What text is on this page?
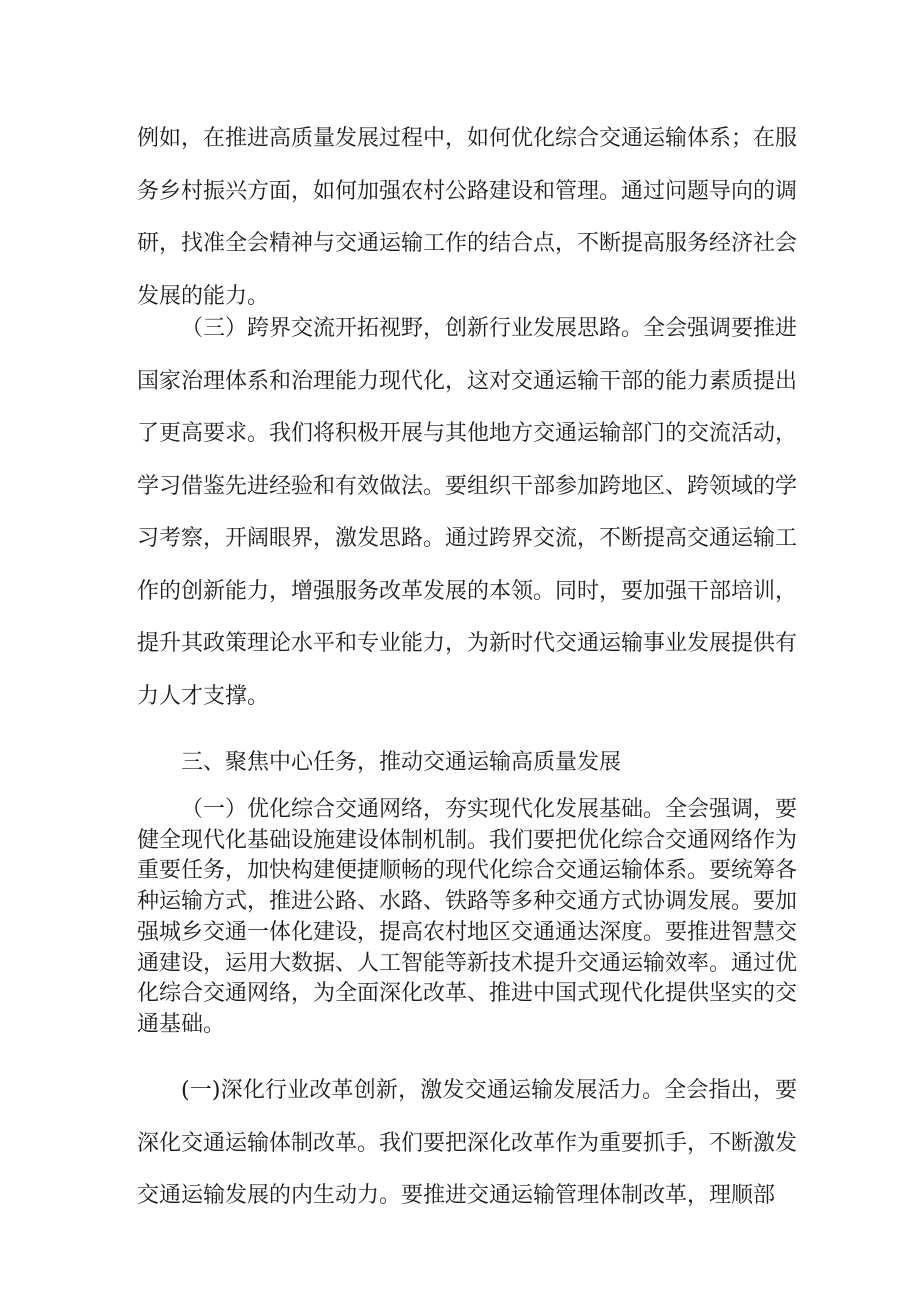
例如，在推进高质量发展过程中，如何优化综合交通运输体系；在服务乡村振兴方面，如何加强农村公路建设和管理。通过问题导向的调研，找准全会精神与交通运输工作的结合点，不断提高服务经济社会发展的能力。

（三）跨界交流开拓视野，创新行业发展思路。全会强调要推进国家治理体系和治理能力现代化，这对交通运输干部的能力素质提出了更高要求。我们将积极开展与其他地方交通运输部门的交流活动，学习借鉴先进经验和有效做法。要组织干部参加跨地区、跨领域的学习考察，开阔眼界，激发思路。通过跨界交流，不断提高交通运输工作的创新能力，增强服务改革发展的本领。同时，要加强干部培训，提升其政策理论水平和专业能力，为新时代交通运输事业发展提供有力人才支撑。

三、聚焦中心任务，推动交通运输高质量发展

（一）优化综合交通网络，夯实现代化发展基础。全会强调，要健全现代化基础设施建设体制机制。我们要把优化综合交通网络作为重要任务，加快构建便捷顺畅的现代化综合交通运输体系。要统筹各种运输方式，推进公路、水路、铁路等多种交通方式协调发展。要加强城乡交通一体化建设，提高农村地区交通通达深度。要推进智慧交通建设，运用大数据、人工智能等新技术提升交通运输效率。通过优化综合交通网络，为全面深化改革、推进中国式现代化提供坚实的交通基础。

(一)深化行业改革创新，激发交通运输发展活力。全会指出，要深化交通运输体制改革。我们要把深化改革作为重要抓手，不断激发交通运输发展的内生动力。要推进交通运输管理体制改革，理顺部
